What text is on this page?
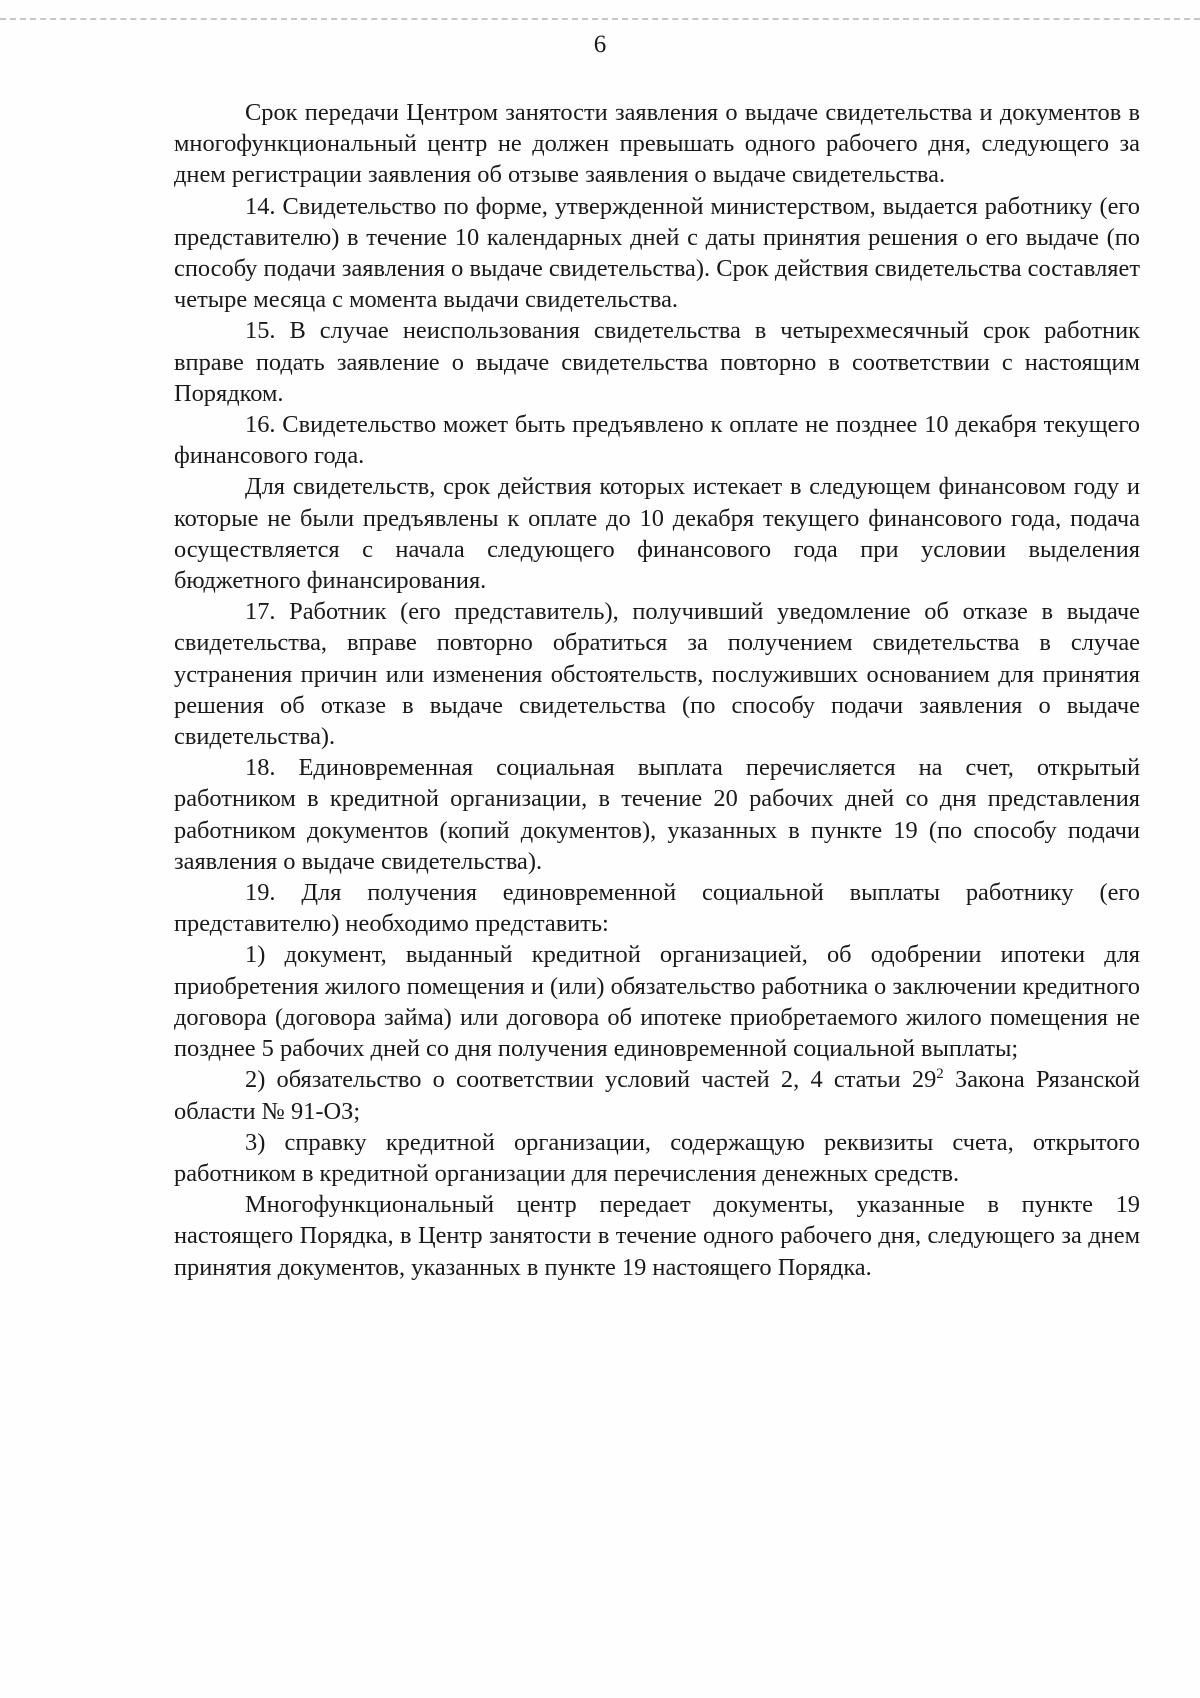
6

Срок передачи Центром занятости заявления о выдаче свидетельства и документов в многофункциональный центр не должен превышать одного рабочего дня, следующего за днем регистрации заявления об отзыве заявления о выдаче свидетельства.

14. Свидетельство по форме, утвержденной министерством, выдается работнику (его представителю) в течение 10 календарных дней с даты принятия решения о его выдаче (по способу подачи заявления о выдаче свидетельства). Срок действия свидетельства составляет четыре месяца с момента выдачи свидетельства.

15. В случае неиспользования свидетельства в четырехмесячный срок работник вправе подать заявление о выдаче свидетельства повторно в соответствии с настоящим Порядком.

16. Свидетельство может быть предъявлено к оплате не позднее 10 декабря текущего финансового года.

Для свидетельств, срок действия которых истекает в следующем финансовом году и которые не были предъявлены к оплате до 10 декабря текущего финансового года, подача осуществляется с начала следующего финансового года при условии выделения бюджетного финансирования.

17. Работник (его представитель), получивший уведомление об отказе в выдаче свидетельства, вправе повторно обратиться за получением свидетельства в случае устранения причин или изменения обстоятельств, послуживших основанием для принятия решения об отказе в выдаче свидетельства (по способу подачи заявления о выдаче свидетельства).

18. Единовременная социальная выплата перечисляется на счет, открытый работником в кредитной организации, в течение 20 рабочих дней со дня представления работником документов (копий документов), указанных в пункте 19 (по способу подачи заявления о выдаче свидетельства).

19. Для получения единовременной социальной выплаты работнику (его представителю) необходимо представить:

1) документ, выданный кредитной организацией, об одобрении ипотеки для приобретения жилого помещения и (или) обязательство работника о заключении кредитного договора (договора займа) или договора об ипотеке приобретаемого жилого помещения не позднее 5 рабочих дней со дня получения единовременной социальной выплаты;

2) обязательство о соответствии условий частей 2, 4 статьи $29^2$ Закона Рязанской области № 91-ОЗ;

3) справку кредитной организации, содержащую реквизиты счета, открытого работником в кредитной организации для перечисления денежных средств.

Многофункциональный центр передает документы, указанные в пункте 19 настоящего Порядка, в Центр занятости в течение одного рабочего дня, следующего за днем принятия документов, указанных в пункте 19 настоящего Порядка.
